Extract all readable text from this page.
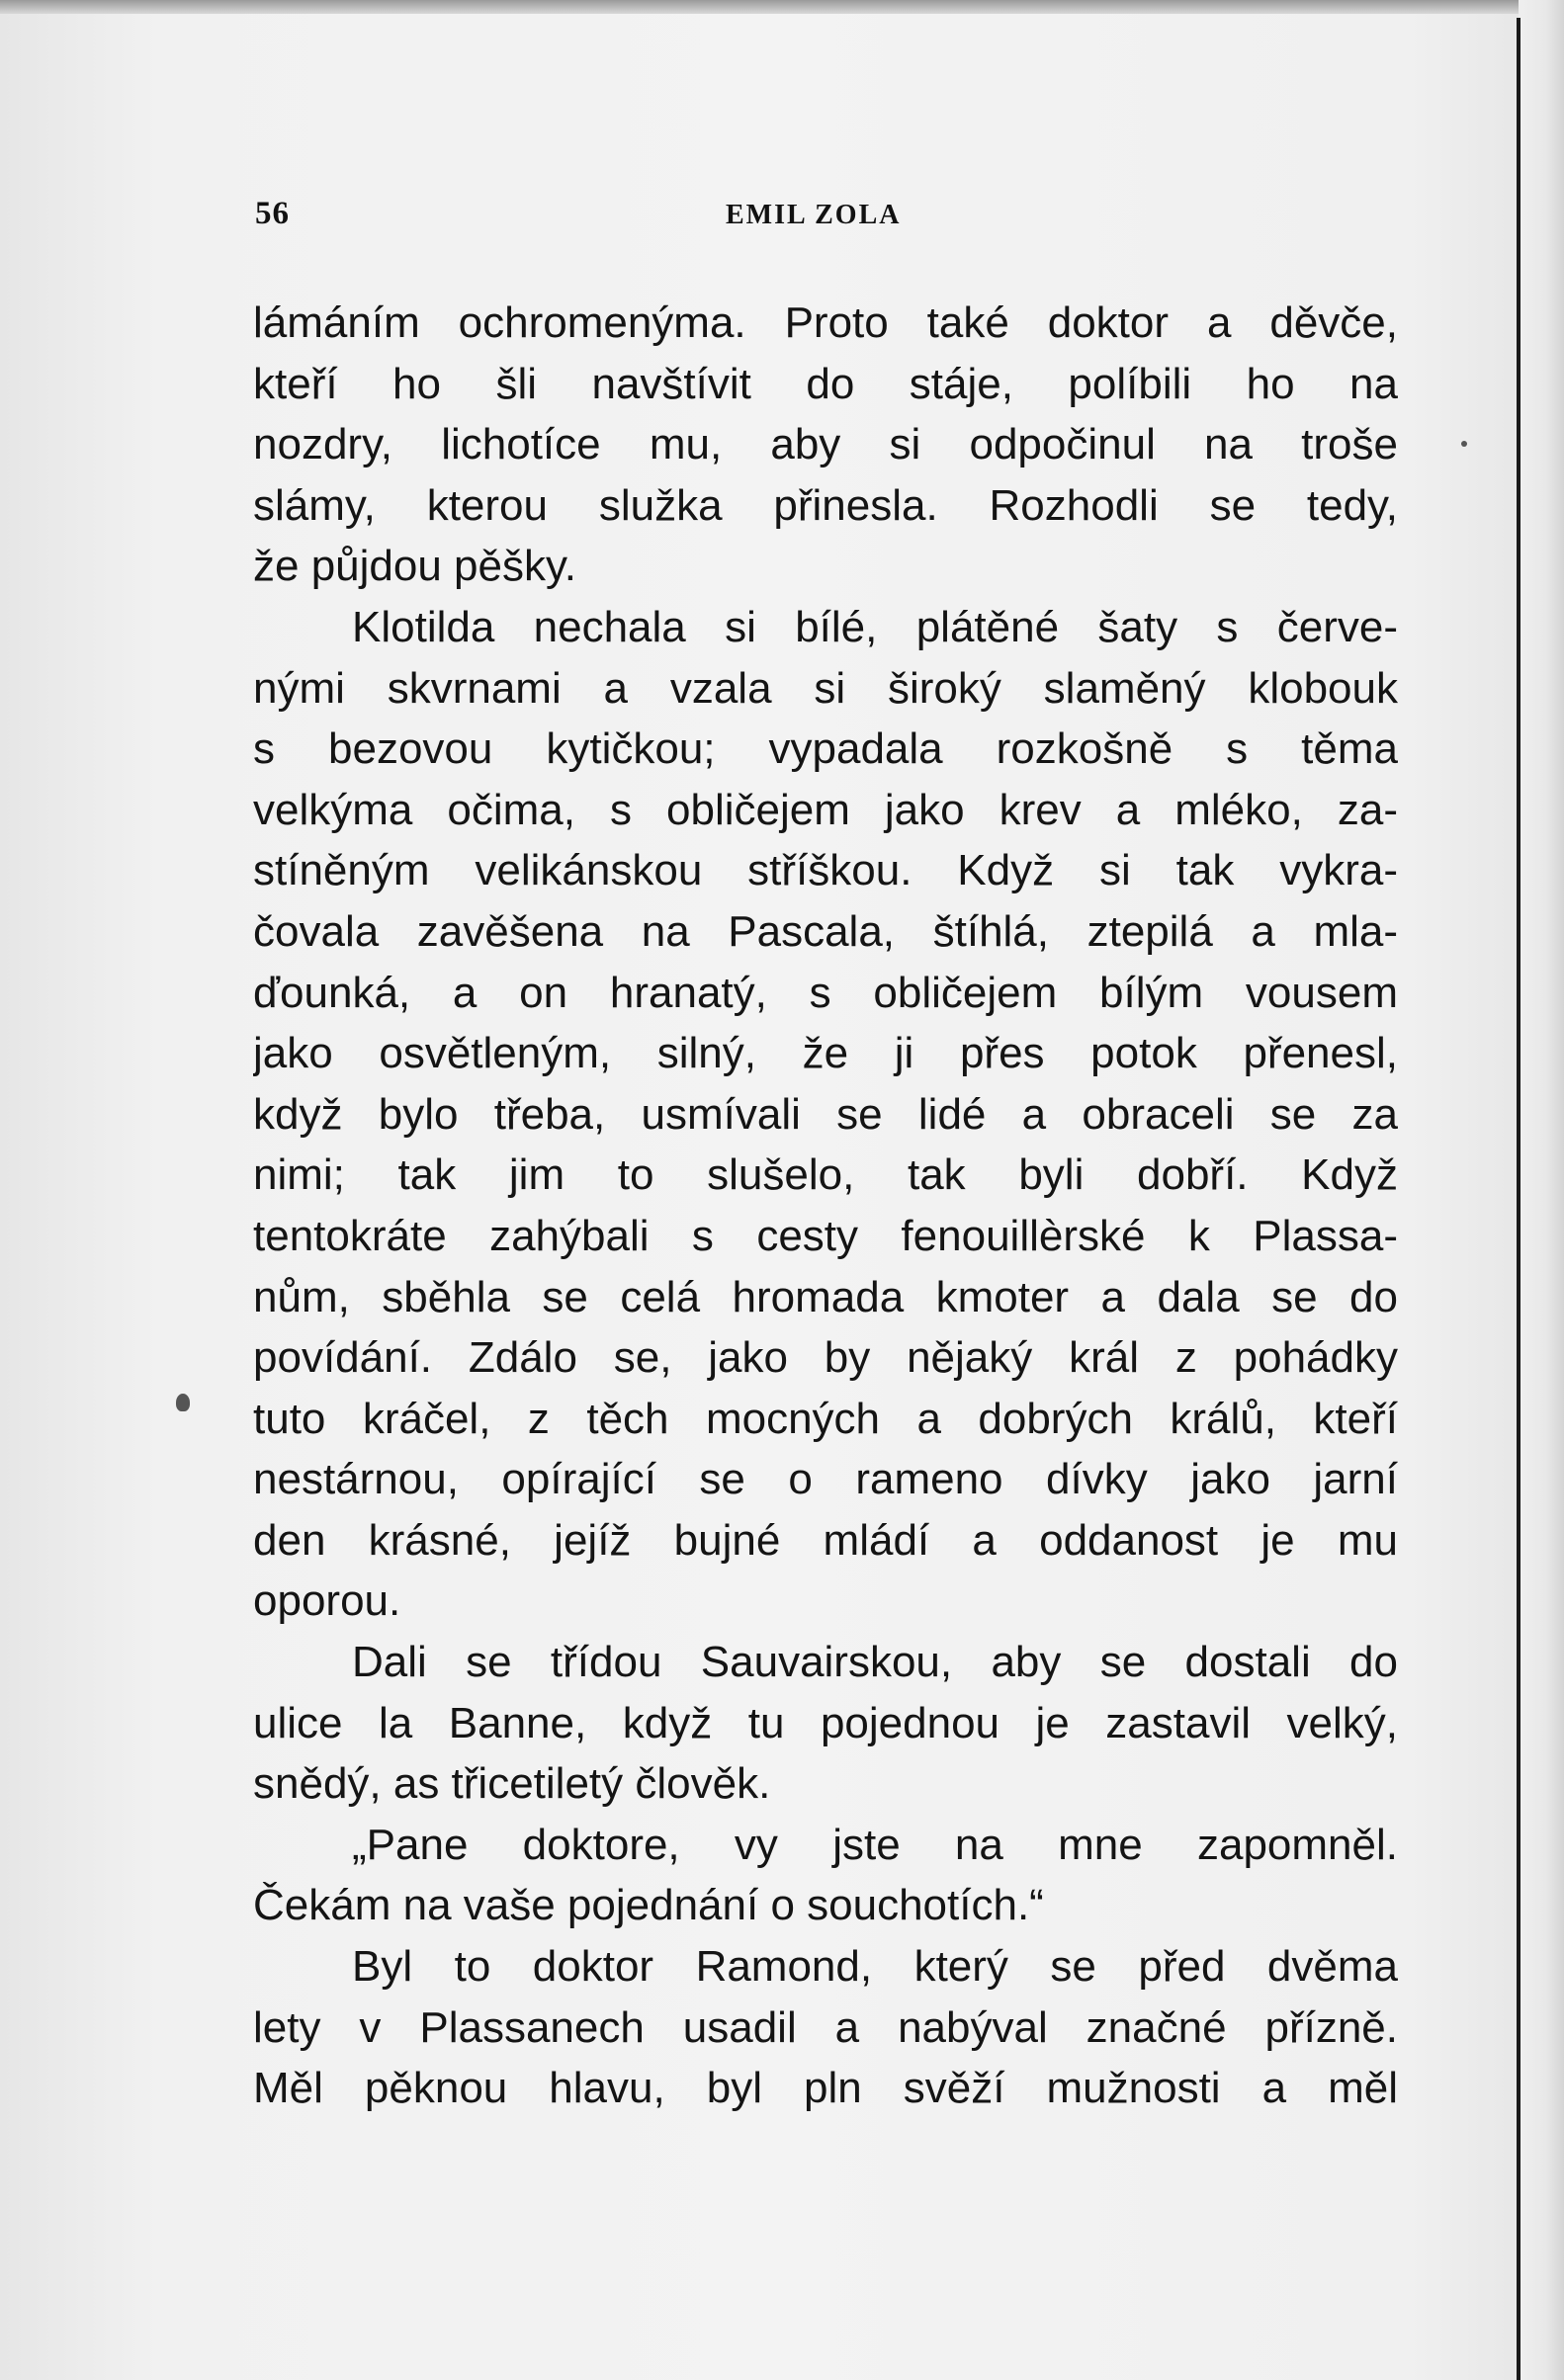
56	EMIL ZOLA
lámáním ochromenýma. Proto také doktor a děvče,
kteří ho šli navštívit do stáje, políbili ho na
nozdry, lichotíce mu, aby si odpočinul na troše
slámy, kterou služka přinesla. Rozhodli se tedy,
že půjdou pěšky.
Klotilda nechala si bílé, plátěné šaty s červe-
nými skvrnami a vzala si široký slaměný klobouk
s bezovou kytičkou; vypadala rozkošně s těma
velkýma očima, s obličejem jako krev a mléko, za-
stíněným velikánskou stříškou. Když si tak vykra-
čovala zavěšena na Pascala, štíhlá, ztepilá a mla-
ďounká, a on hranatý, s obličejem bílým vousem
jako osvětleným, silný, že ji přes potok přenesl,
když bylo třeba, usmívali se lidé a obraceli se za
nimi; tak jim to slušelo, tak byli dobří. Když
tentokráte zahýbali s cesty fenouillèrské k Plassa-
nům, sběhla se celá hromada kmoter a dala se do
povídání. Zdálo se, jako by nějaký král z pohádky
tuto kráčel, z těch mocných a dobrých králů, kteří
nestárnou, opírající se o rameno dívky jako jarní
den krásné, jejíž bujné mládí a oddanost je mu
oporou.
Dali se třídou Sauvairskou, aby se dostali do
ulice la Banne, když tu pojednou je zastavil velký,
snědý, as třicetiletý člověk.
„Pane doktore, vy jste na mne zapomněl.
Čekám na vaše pojednání o souchotích.“
Byl to doktor Ramond, který se před dvěma
lety v Plassanech usadil a nabýval značné přízně.
Měl pěknou hlavu, byl pln svěží mužnosti a měl
